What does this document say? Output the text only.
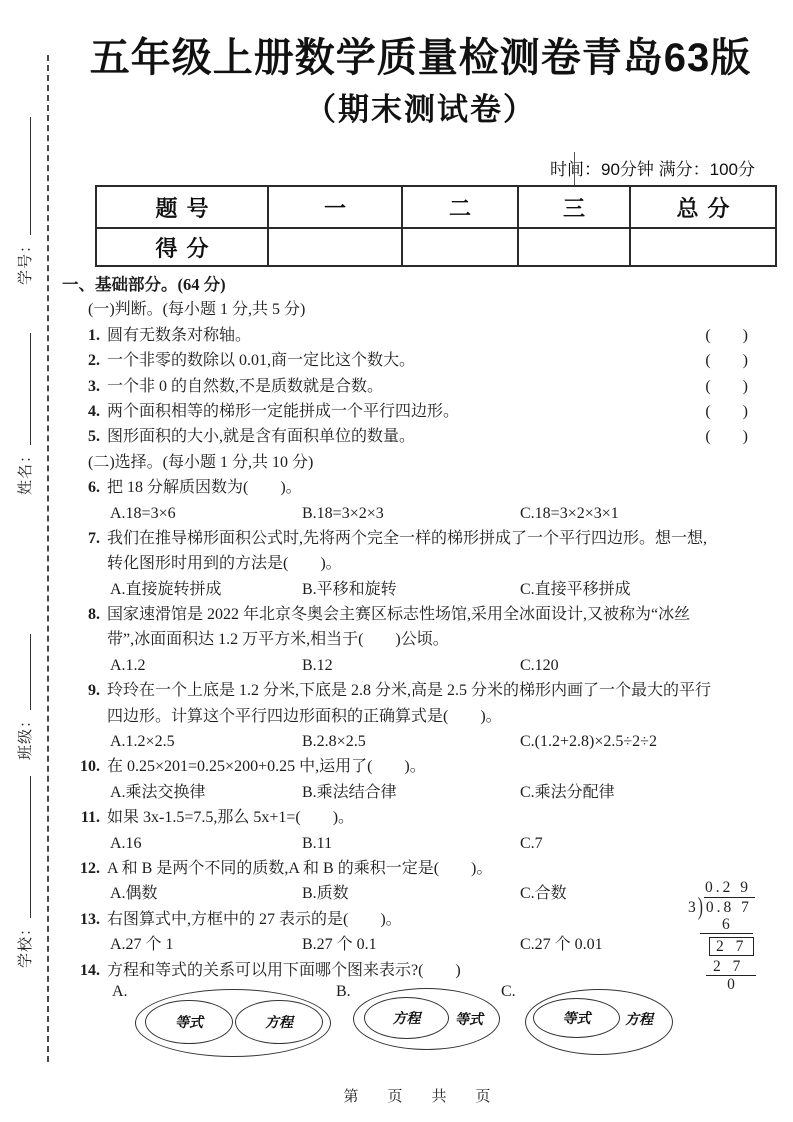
学号：
姓名：
班级：
学校：
五年级上册数学质量检测卷青岛63版
（期末测试卷）
时间：90分钟 满分：100分
题号	一	二	三	总分
得分				
一、基础部分。(64 分)
(一)判断。(每小题 1 分,共 5 分)
1. 圆有无数条对称轴。	(　　)
2. 一个非零的数除以 0.01,商一定比这个数大。	(　　)
3. 一个非 0 的自然数,不是质数就是合数。	(　　)
4. 两个面积相等的梯形一定能拼成一个平行四边形。	(　　)
5. 图形面积的大小,就是含有面积单位的数量。	(　　)
(二)选择。(每小题 1 分,共 10 分)
6. 把 18 分解质因数为(　　)。
A.18=3×6	B.18=3×2×3	C.18=3×2×3×1
7. 我们在推导梯形面积公式时,先将两个完全一样的梯形拼成了一个平行四边形。想一想,
转化图形时用到的方法是(　　)。
A.直接旋转拼成	B.平移和旋转	C.直接平移拼成
8. 国家速滑馆是 2022 年北京冬奥会主赛区标志性场馆,采用全冰面设计,又被称为“冰丝
带”,冰面面积达 1.2 万平方米,相当于(　　)公顷。
A.1.2	B.12	C.120
9. 玲玲在一个上底是 1.2 分米,下底是 2.8 分米,高是 2.5 分米的梯形内画了一个最大的平行
四边形。计算这个平行四边形面积的正确算式是(　　)。
A.1.2×2.5	B.2.8×2.5	C.(1.2+2.8)×2.5÷2÷2
10. 在 0.25×201=0.25×200+0.25 中,运用了(　　)。
A.乘法交换律	B.乘法结合律	C.乘法分配律
11. 如果 3x-1.5=7.5,那么 5x+1=(　　)。
A.16	B.11	C.7
12. A 和 B 是两个不同的质数,A 和 B 的乘积一定是(　　)。
A.偶数	B.质数	C.合数
13. 右图算式中,方框中的 27 表示的是(　　)。
A.27 个 1	B.27 个 0.1	C.27 个 0.01
14. 方程和等式的关系可以用下面哪个图来表示?(　　)
0.2 9
3 ) 0.8 7
6
2 7
2 7
0
A.
等式	方程
B.
方程 等式
C.
等式 方程
第　页　共　页
